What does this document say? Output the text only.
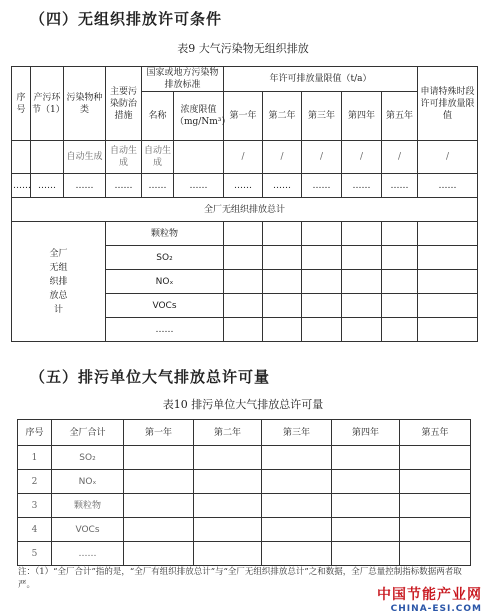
（四）无组织排放许可条件
表9 大气污染物无组织排放
序号	产污环节（1）	污染物种类	主要污染防治措施	国家或地方污染物排放标准		年许可排放量限值（t/a）					申请特殊时段许可排放量限值
				名称	浓度限值（mg/Nm³）	第一年	第二年	第三年	第四年	第五年	
		自动生成	自动生成	自动生成		/	/	/	/	/	/
……	……	……	……	……	……	……	……	……	……	……	……
全厂无组织排放总计											

全厂无组织排放总计			颗粒物								
			SO₂								
			NOₓ								
			VOCs								
			……								
（五）排污单位大气排放总许可量
表10 排污单位大气排放总许可量
序号	全厂合计	第一年	第二年	第三年	第四年	第五年
1	SO₂					
2	NOₓ					
3	颗粒物					
4	VOCs					
5	……					
注：（1）“全厂合计”指的是，“全厂有组织排放总计”与“全厂无组织排放总计”之和数据，全厂总量控制指标数据两者取严。
中国节能产业网
CHINA-ESI.COM
